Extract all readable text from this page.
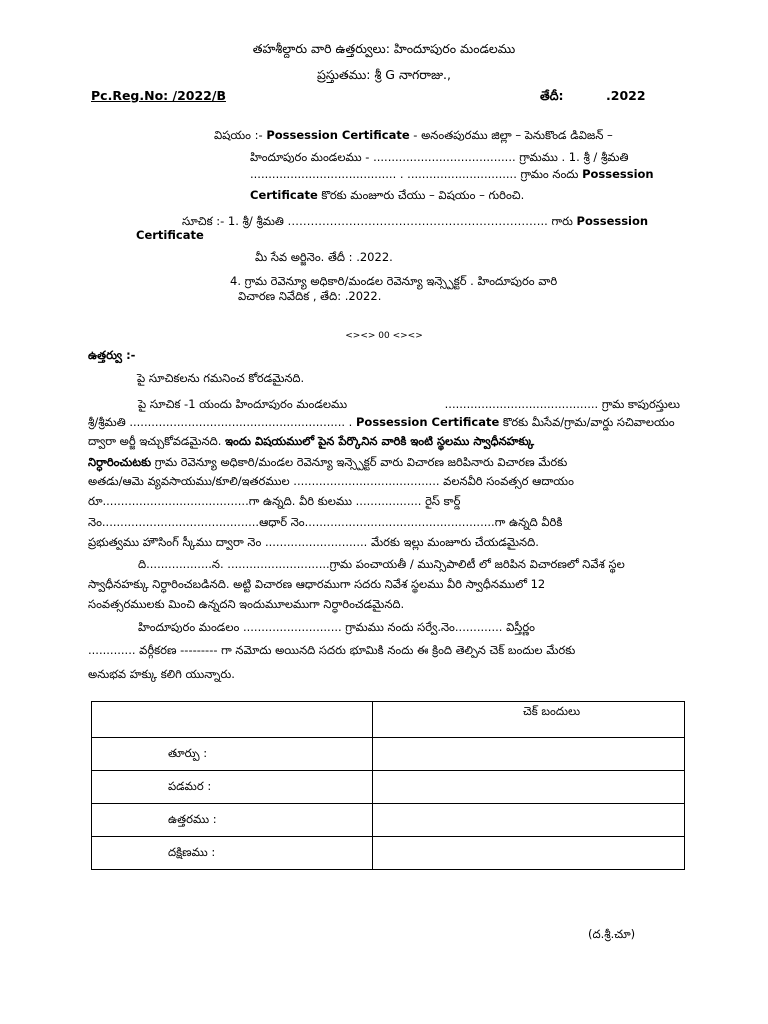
తహశీల్దారు వారి ఉత్తర్వులు: హిందూపురం మండలము
ప్రస్తుతము: శ్రీ G నాగరాజు.,
Pc.Reg.No: /2022/B	తేదీ:	.2022
విషయం :- Possession Certificate - అనంతపురము జిల్లా – పెనుకొండ డివిజన్ –
హిందూపురం మండలము - ....................................... గ్రామము . 1. శ్రీ / శ్రీమతి
........................................ . .............................. గ్రామం నందు Possession
Certificate కొరకు మంజూరు చేయు – విషయం – గురించి.
సూచిక :- 1. శ్రీ/ శ్రీమతి ………………………………………………………….. గారు Possession
Certificate
మీ సేవ అర్జినెం. తేదీ : .2022.
4. గ్రామ రెవెన్యూ అధికారి/మండల రెవెన్యూ ఇన్స్పెక్టర్ . హిందూపురం వారి
విచారణ నివేదిక , తేది: .2022.
<><> 00 <><>
ఉత్తర్వు :-
పై సూచికలను గమనించ కోరడమైనది.
పై సూచిక -1 యందు హిందూపురం మండలము	.......................................... గ్రామ కాపురస్తులు
శ్రీ/శ్రీమతి ........................................................... . Possession Certificate కొరకు మీసేవ/గ్రామ/వార్డు సచివాలయం
ద్వారా అర్జీ ఇచ్చుకోవడమైనది. ఇందు విషయములో పైన పేర్కొనిన వారికి ఇంటి స్థలము స్వాధీనహక్కు
నిర్ధారించుటకు గ్రామ రెవెన్యూ అధికారి/మండల రెవెన్యూ ఇన్స్పెక్టర్ వారు విచారణ జరిపినారు విచారణ మేరకు
అతడు/ఆమె వ్యవసాయము/కూలి/ఇతరముల ........................................ వలనవీరి సంవత్సర ఆదాయం
రూ........................................గా ఉన్నది. వీరి కులము .................. రైస్ కార్డ్
నెం...........................................ఆధార్ నెం....................................................గా ఉన్నది వీరికి
ప్రభుత్వము హౌసింగ్ స్కీము ద్వారా నెం ............................ మేరకు ఇల్లు మంజూరు చేయడమైనది.
ది..................న. ............................గ్రామ పంచాయతీ / మున్సిపాలిటీ లో జరిపిన విచారణలో నివేశ స్థల
స్వాధీనహక్కు నిర్ధారించబడినది. అట్టి విచారణ ఆధారముగా సదరు నివేశ స్థలము వీరి స్వాధీనములో 12
సంవత్సరములకు మించి ఉన్నదని ఇందుమూలముగా నిర్ధారించడమైనది.
హిందూపురం మండలం ........................... గ్రామము నందు సర్వే.నెం............. విస్తీర్ణం
............. వర్గీకరణ --------- గా నమోదు అయినది సదరు భూమికి నందు ఈ క్రింది తెల్పిన చెక్ బందుల మేరకు
అనుభవ హక్కు కలిగి యున్నారు.
	చెక్ బందులు
తూర్పు :	
పడమర :	
ఉత్తరము :	
దక్షిణము :	
(ద.శ్రీ.చూ)
